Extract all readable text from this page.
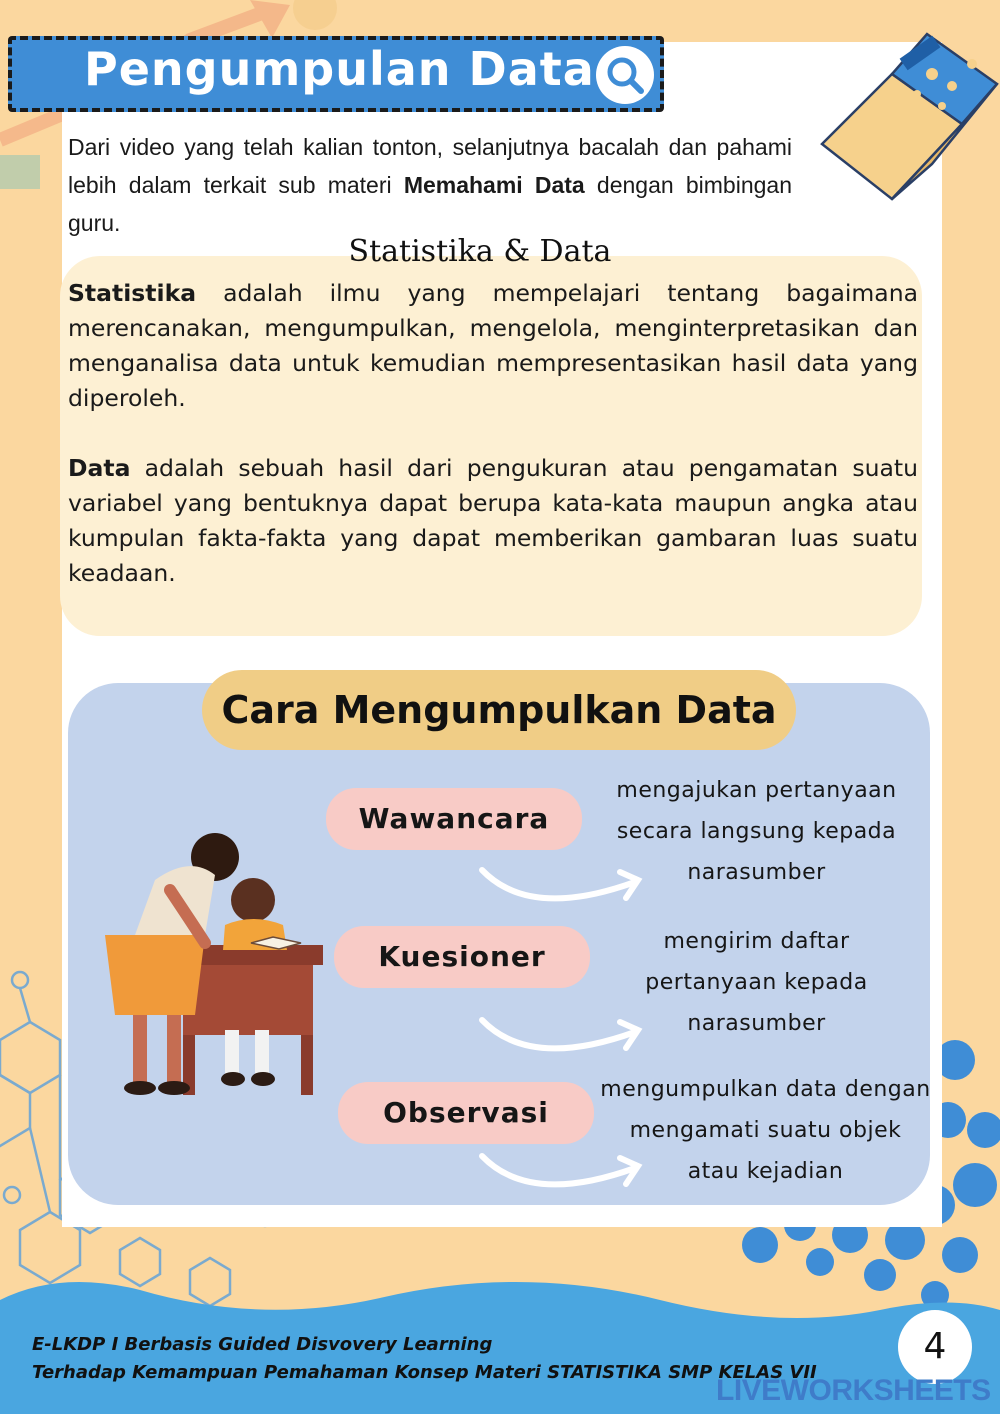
Pengumpulan Data
Dari video yang telah kalian tonton, selanjutnya bacalah dan pahami lebih dalam terkait sub materi Memahami Data dengan bimbingan guru.
Statistika & Data
Statistika adalah ilmu yang mempelajari tentang bagaimana merencanakan, mengumpulkan, mengelola, menginterpretasikan dan menganalisa data untuk kemudian mempresentasikan hasil data yang diperoleh.
Data adalah sebuah hasil dari pengukuran atau pengamatan suatu variabel yang bentuknya dapat berupa kata-kata maupun angka atau kumpulan fakta-fakta yang dapat memberikan gambaran luas suatu keadaan.
Cara Mengumpulkan Data
Wawancara
mengajukan pertanyaan
secara langsung kepada
narasumber
Kuesioner	mengirim daftar
pertanyaan kepada
narasumber
Observasi
mengumpulkan data dengan
mengamati suatu objek
atau kejadian
E-LKDP I Berbasis Guided Disvovery Learning
Terhadap Kemampuan Pemahaman Konsep Materi STATISTIKA SMP KELAS VII
4
LIVEWORKSHEETS
